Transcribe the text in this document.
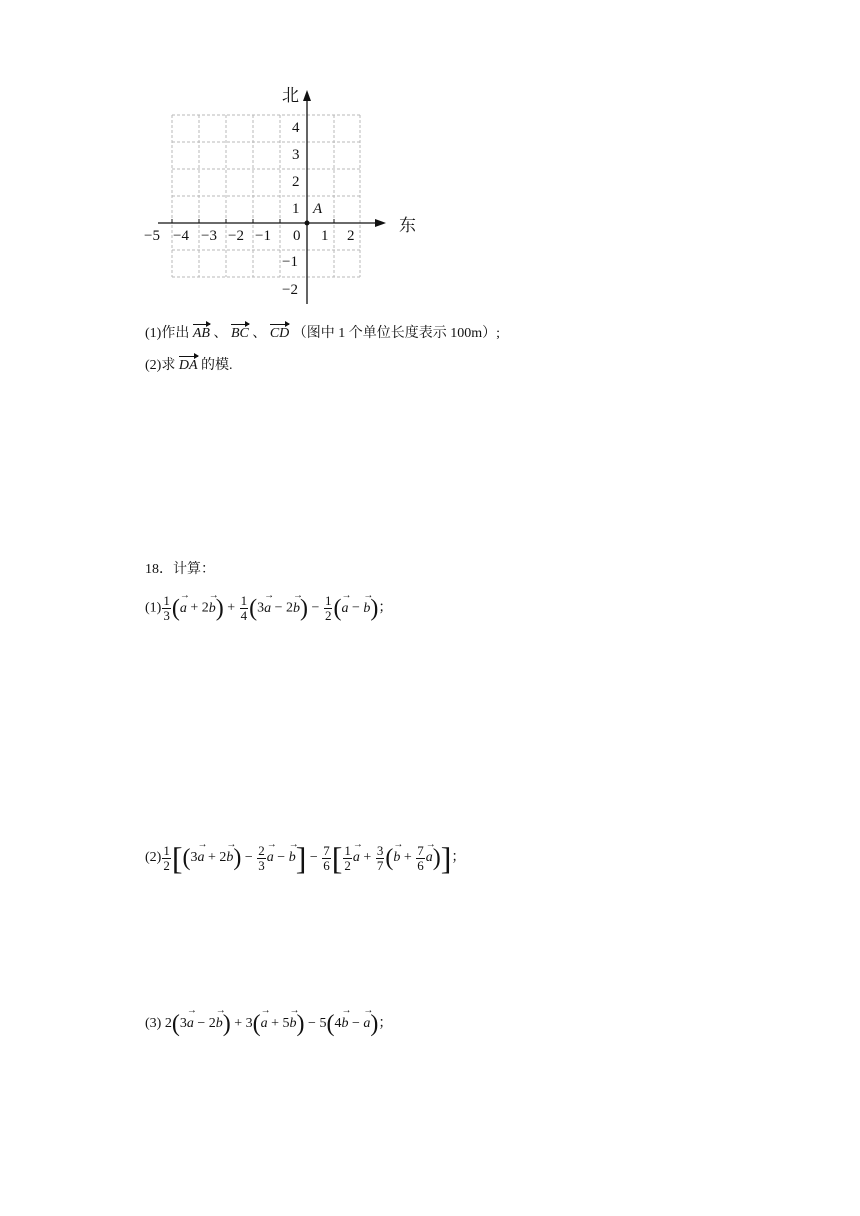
北
东
A
−5 −4 −3 −2 −1 0 1 2
4
3
2
1
−1
−2
(1)作出 AB 、 BC 、 CD （图中 1 个单位长度表示 100m）;
(2)求 DA 的模.
18．计算：
$(1) \frac{1}{3} (a$ → + 2b →) + $\frac{1}{4} (3a$ → − 2b →) − $\frac{1}{2} (a$ → − b →)；
$(2) \frac{1}{2} [(3a$ → + 2b →) − $\frac{2}{3}$ a → − b →] − $\frac{7}{6}$ [ $\frac{1}{2}$ a → + $\frac{3}{7} (b$ → + $\frac{7}{6}$ a →)]；
(3) 2(3a → − 2b →) + 3(a → + 5b →) − 5(4b → − a →)；
